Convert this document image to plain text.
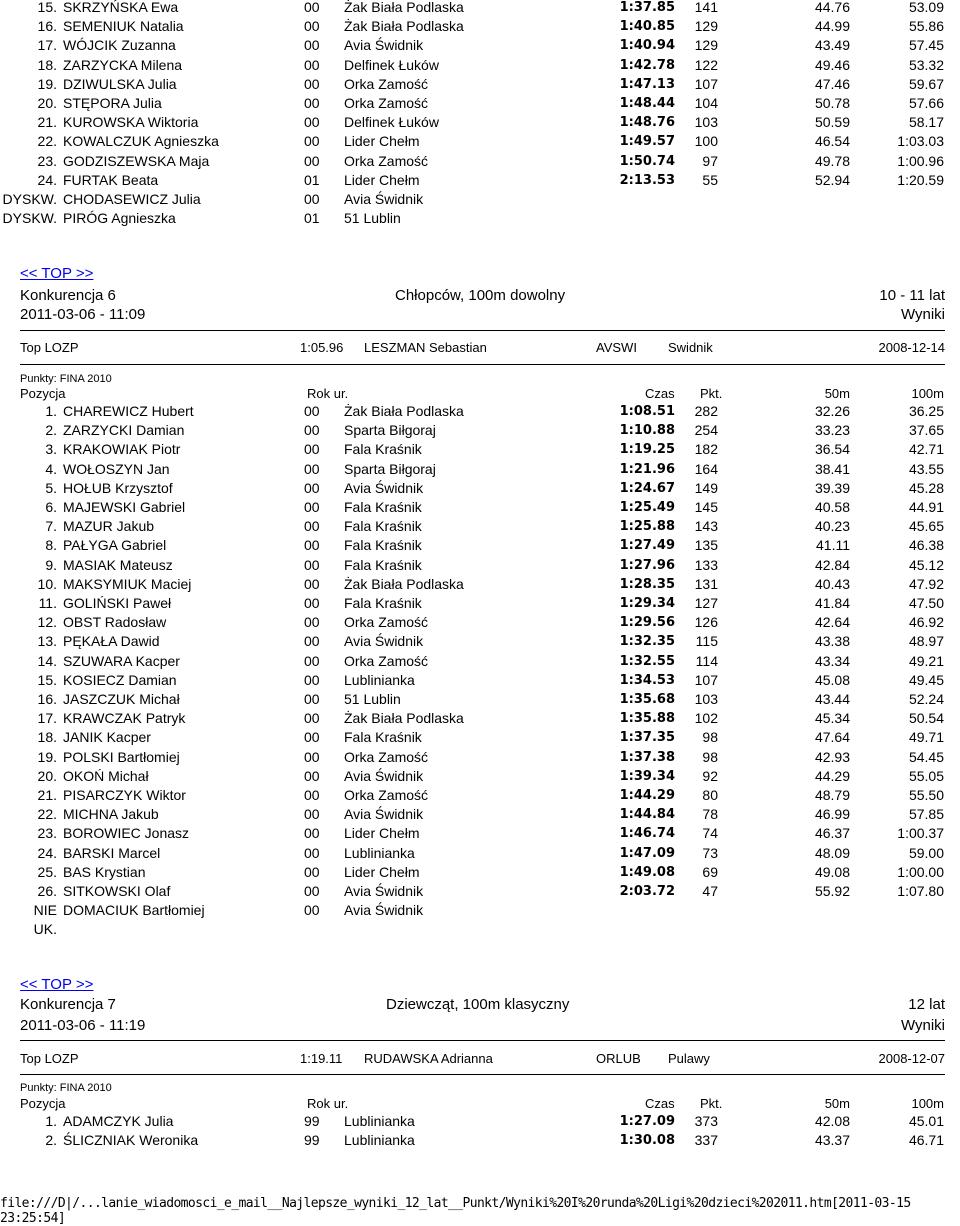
15. SKRZYŃSKA Ewa	00 Żak Biała Podlaska	1:37.85	141	44.76	53.09
16. SEMENIUK Natalia	00 Żak Biała Podlaska	1:40.85	129	44.99	55.86
17. WÓJCIK Zuzanna	00 Avia Świdnik	1:40.94	129	43.49	57.45
18. ZARZYCKA Milena	00 Delfinek Łuków	1:42.78	122	49.46	53.32
19. DZIWULSKA Julia	00 Orka Zamość	1:47.13	107	47.46	59.67
20. STĘPORA Julia	00 Orka Zamość	1:48.44	104	50.78	57.66
21. KUROWSKA Wiktoria	00 Delfinek Łuków	1:48.76	103	50.59	58.17
22. KOWALCZUK Agnieszka	00 Lider Chełm	1:49.57	100	46.54	1:03.03
23. GODZISZEWSKA Maja	00 Orka Zamość	1:50.74	97	49.78	1:00.96
24. FURTAK Beata	01 Lider Chełm	2:13.53	55	52.94	1:20.59
DYSKW. CHODASEWICZ Julia	00 Avia Świdnik
DYSKW. PIRÓG Agnieszka	01 51 Lublin
<< TOP >>
Konkurencja 6	Chłopców, 100m dowolny	10 - 11 lat
2011-03-06 - 11:09	Wyniki
Top LOZP	1:05.96 LESZMAN Sebastian	AVSWI Swidnik	2008-12-14
Punkty: FINA 2010
Pozycja	Rok ur.	Czas Pkt.	50m	100m
1. CHAREWICZ Hubert	00 Żak Biała Podlaska	1:08.51	282	32.26	36.25
2. ZARZYCKI Damian	00 Sparta Biłgoraj	1:10.88	254	33.23	37.65
3. KRAKOWIAK Piotr	00 Fala Kraśnik	1:19.25	182	36.54	42.71
4. WOŁOSZYN Jan	00 Sparta Biłgoraj	1:21.96	164	38.41	43.55
5. HOŁUB Krzysztof	00 Avia Świdnik	1:24.67	149	39.39	45.28
6. MAJEWSKI Gabriel	00 Fala Kraśnik	1:25.49	145	40.58	44.91
7. MAZUR Jakub	00 Fala Kraśnik	1:25.88	143	40.23	45.65
8. PAŁYGA Gabriel	00 Fala Kraśnik	1:27.49	135	41.11	46.38
9. MASIAK Mateusz	00 Fala Kraśnik	1:27.96	133	42.84	45.12
10. MAKSYMIUK Maciej	00 Żak Biała Podlaska	1:28.35	131	40.43	47.92
11. GOLIŃSKI Paweł	00 Fala Kraśnik	1:29.34	127	41.84	47.50
12. OBST Radosław	00 Orka Zamość	1:29.56	126	42.64	46.92
13. PĘKAŁA Dawid	00 Avia Świdnik	1:32.35	115	43.38	48.97
14. SZUWARA Kacper	00 Orka Zamość	1:32.55	114	43.34	49.21
15. KOSIECZ Damian	00 Lublinianka	1:34.53	107	45.08	49.45
16. JASZCZUK Michał	00 51 Lublin	1:35.68	103	43.44	52.24
17. KRAWCZAK Patryk	00 Żak Biała Podlaska	1:35.88	102	45.34	50.54
18. JANIK Kacper	00 Fala Kraśnik	1:37.35	98	47.64	49.71
19. POLSKI Bartłomiej	00 Orka Zamość	1:37.38	98	42.93	54.45
20. OKOŃ Michał	00 Avia Świdnik	1:39.34	92	44.29	55.05
21. PISARCZYK Wiktor	00 Orka Zamość	1:44.29	80	48.79	55.50
22. MICHNA Jakub	00 Avia Świdnik	1:44.84	78	46.99	57.85
23. BOROWIEC Jonasz	00 Lider Chełm	1:46.74	74	46.37	1:00.37
24. BARSKI Marcel	00 Lublinianka	1:47.09	73	48.09	59.00
25. BAS Krystian	00 Lider Chełm	1:49.08	69	49.08	1:00.00
26. SITKOWSKI Olaf	00 Avia Świdnik	2:03.72	47	55.92	1:07.80
NIE DOMACIUK Bartłomiej	00 Avia Świdnik
UK.
<< TOP >>
Konkurencja 7	Dziewcząt, 100m klasyczny	12 lat
2011-03-06 - 11:19	Wyniki
Top LOZP	1:19.11 RUDAWSKA Adrianna	ORLUB Pulawy	2008-12-07
Punkty: FINA 2010
Pozycja	Rok ur.	Czas Pkt.	50m	100m
1. ADAMCZYK Julia	99 Lublinianka	1:27.09	373	42.08	45.01
2. ŚLICZNIAK Weronika	99 Lublinianka	1:30.08	337	43.37	46.71
file:///D|/...lanie_wiadomosci_e_mail__Najlepsze_wyniki_12_lat__Punkt/Wyniki%20I%20runda%20Ligi%20dzieci%202011.htm[2011-03-15 23:25:54]
